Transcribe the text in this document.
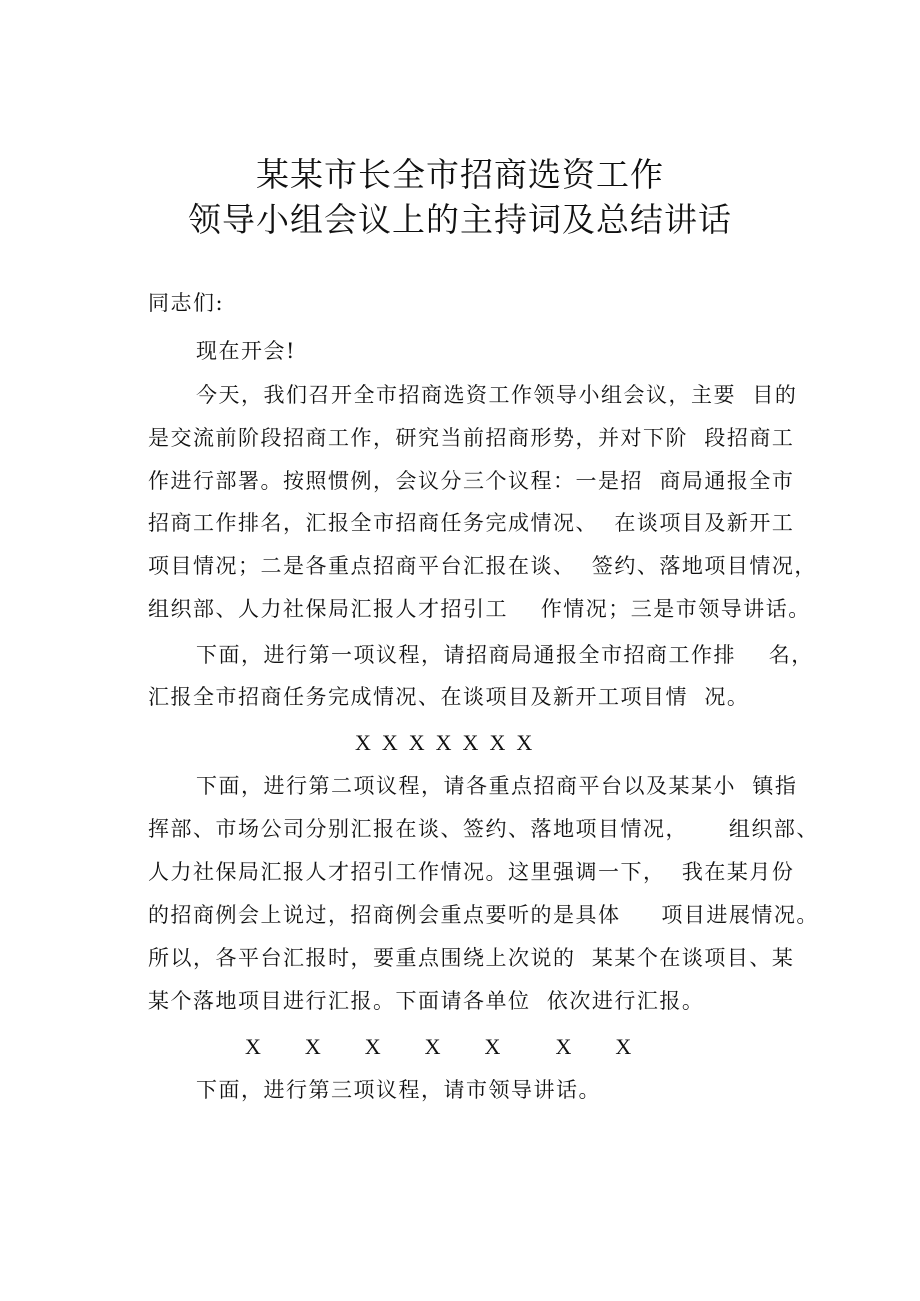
某某市长全市招商选资工作
领导小组会议上的主持词及总结讲话
同志们:
现在开会!
今天，我们召开全市招商选资工作领导小组会议，主要  目的
是交流前阶段招商工作，研究当前招商形势，并对下阶  段招商工
作进行部署。按照惯例，会议分三个议程：一是招  商局通报全市
招商工作排名，汇报全市招商任务完成情况、  在谈项目及新开工
项目情况；二是各重点招商平台汇报在谈、  签约、落地项目情况，
组织部、人力社保局汇报人才招引工    作情况；三是市领导讲话。
下面，进行第一项议程，请招商局通报全市招商工作排    名，
汇报全市招商任务完成情况、在谈项目及新开工项目情  况。
X  X  X  X  X  X  X
下面，进行第二项议程，请各重点招商平台以及某某小  镇指
挥部、市场公司分别汇报在谈、签约、落地项目情况，     组织部、
人力社保局汇报人才招引工作情况。这里强调一下，  我在某月份
的招商例会上说过，招商例会重点要听的是具体     项目进展情况。
所以，各平台汇报时，要重点围绕上次说的  某某个在谈项目、某
某个落地项目进行汇报。下面请各单位  依次进行汇报。
X        X        X        X        X          X        X
下面，进行第三项议程，请市领导讲话。
